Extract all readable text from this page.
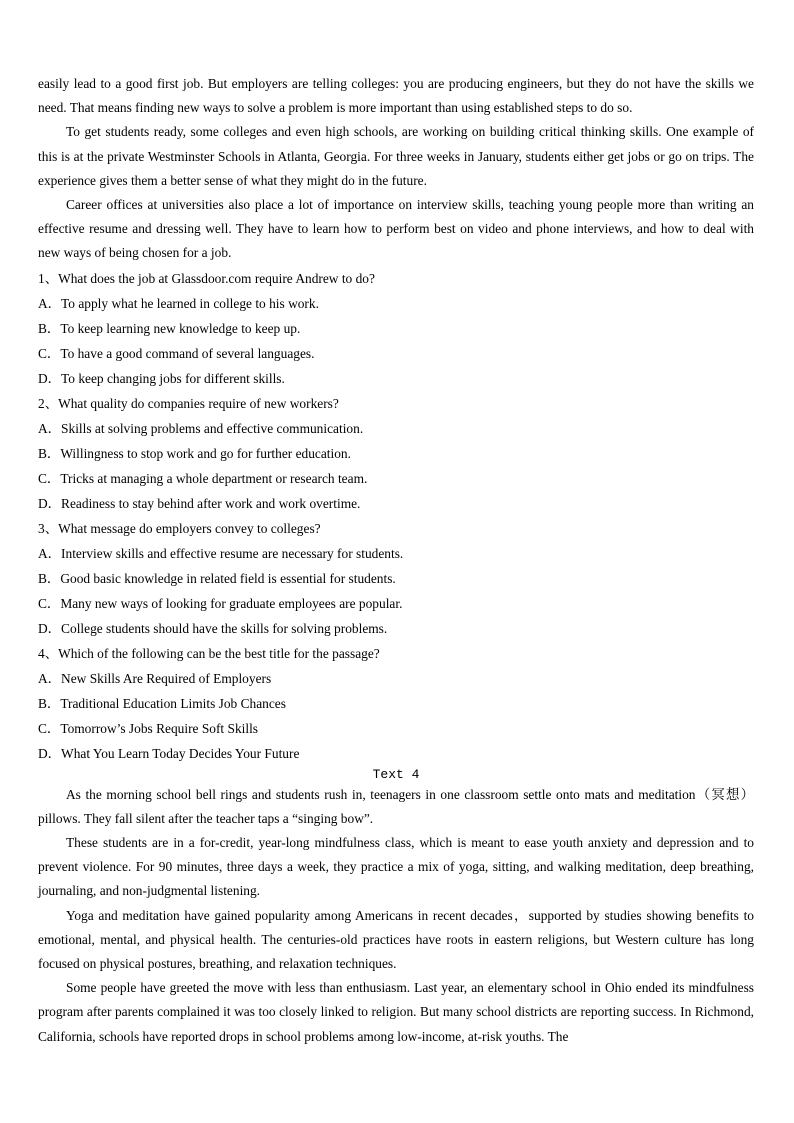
easily lead to a good first job. But employers are telling colleges: you are producing engineers, but they do not have the skills we need. That means finding new ways to solve a problem is more important than using established steps to do so.

To get students ready, some colleges and even high schools, are working on building critical thinking skills. One example of this is at the private Westminster Schools in Atlanta, Georgia. For three weeks in January, students either get jobs or go on trips. The experience gives them a better sense of what they might do in the future.

Career offices at universities also place a lot of importance on interview skills, teaching young people more than writing an effective resume and dressing well. They have to learn how to perform best on video and phone interviews, and how to deal with new ways of being chosen for a job.

1、What does the job at Glassdoor.com require Andrew to do?

A．To apply what he learned in college to his work.

B．To keep learning new knowledge to keep up.

C．To have a good command of several languages.

D．To keep changing jobs for different skills.

2、What quality do companies require of new workers?

A．Skills at solving problems and effective communication.

B．Willingness to stop work and go for further education.

C．Tricks at managing a whole department or research team.

D．Readiness to stay behind after work and work overtime.

3、What message do employers convey to colleges?

A．Interview skills and effective resume are necessary for students.

B．Good basic knowledge in related field is essential for students.

C．Many new ways of looking for graduate employees are popular.

D．College students should have the skills for solving problems.

4、Which of the following can be the best title for the passage?

A．New Skills Are Required of Employers

B．Traditional Education Limits Job Chances

C．Tomorrow’s Jobs Require Soft Skills

D．What You Learn Today Decides Your Future

Text 4

As the morning school bell rings and students rush in, teenagers in one classroom settle onto mats and meditation（冥想）pillows. They fall silent after the teacher taps a “singing bow”.

These students are in a for-credit, year-long mindfulness class, which is meant to ease youth anxiety and depression and to prevent violence. For 90 minutes, three days a week, they practice a mix of yoga, sitting, and walking meditation, deep breathing, journaling, and non-judgmental listening.

Yoga and meditation have gained popularity among Americans in recent decades，supported by studies showing benefits to emotional, mental, and physical health. The centuries-old practices have roots in eastern religions, but Western culture has long focused on physical postures, breathing, and relaxation techniques.

Some people have greeted the move with less than enthusiasm. Last year, an elementary school in Ohio ended its mindfulness program after parents complained it was too closely linked to religion. But many school districts are reporting success. In Richmond, California, schools have reported drops in school problems among low-income, at-risk youths. The
